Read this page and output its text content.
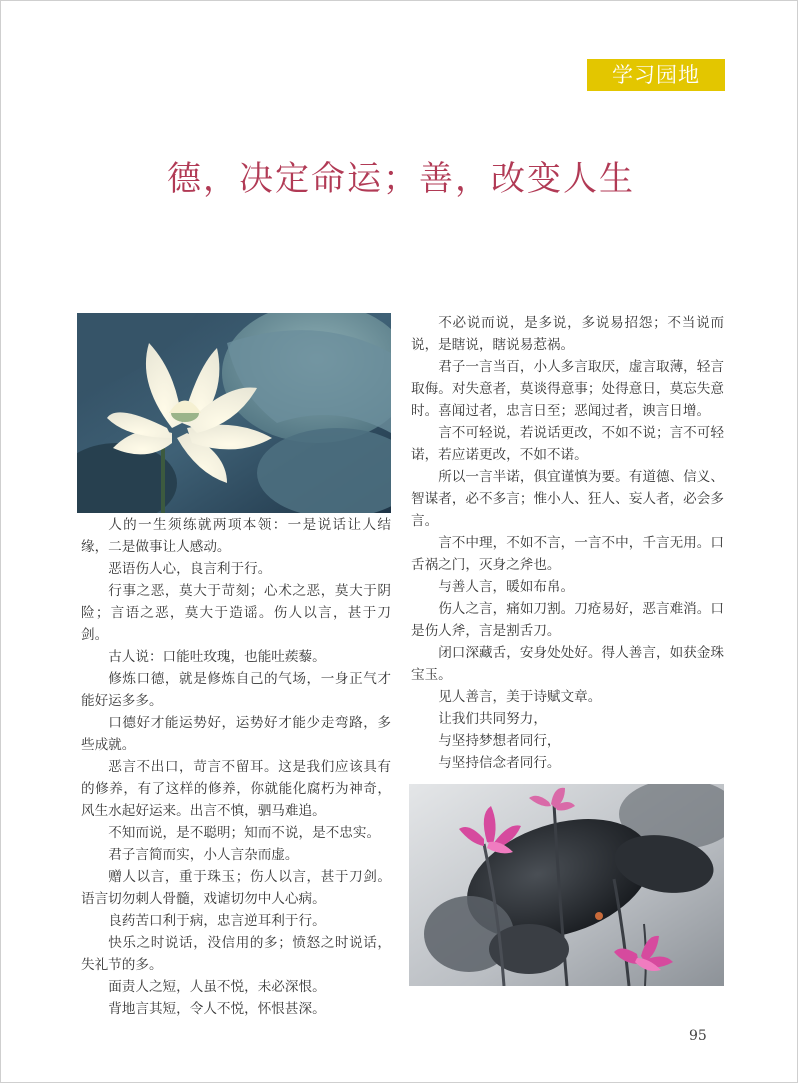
学习园地
德，决定命运；善，改变人生

人的一生须练就两项本领：一是说话让人结缘，二是做事让人感动。

恶语伤人心，良言利于行。

行事之恶，莫大于苛刻；心术之恶，莫大于阴险；言语之恶，莫大于造谣。伤人以言，甚于刀剑。

古人说：口能吐玫瑰，也能吐蒺藜。

修炼口德，就是修炼自己的气场，一身正气才能好运多多。

口德好才能运势好，运势好才能少走弯路，多些成就。

恶言不出口，苛言不留耳。这是我们应该具有的修养，有了这样的修养，你就能化腐朽为神奇，风生水起好运来。出言不慎，驷马难追。

不知而说，是不聪明；知而不说，是不忠实。

君子言简而实，小人言杂而虚。

赠人以言，重于珠玉；伤人以言，甚于刀剑。语言切勿刺人骨髓，戏谑切勿中人心病。

良药苦口利于病，忠言逆耳利于行。

快乐之时说话，没信用的多；愤怒之时说话，失礼节的多。

面责人之短，人虽不悦，未必深恨。

背地言其短，令人不悦，怀恨甚深。

不必说而说，是多说，多说易招怨；不当说而说，是瞎说，瞎说易惹祸。

君子一言当百，小人多言取厌，虚言取薄，轻言取侮。对失意者，莫谈得意事；处得意日，莫忘失意时。喜闻过者，忠言日至；恶闻过者，谀言日增。

言不可轻说，若说话更改，不如不说；言不可轻诺，若应诺更改，不如不诺。

所以一言半诺，俱宜谨慎为要。有道德、信义、智谋者，必不多言；惟小人、狂人、妄人者，必会多言。

言不中理，不如不言，一言不中，千言无用。口舌祸之门，灭身之斧也。

与善人言，暖如布帛。

伤人之言，痛如刀割。刀疮易好，恶言难消。口是伤人斧，言是割舌刀。

闭口深藏舌，安身处处好。得人善言，如获金珠宝玉。

见人善言，美于诗赋文章。

让我们共同努力，

与坚持梦想者同行，

与坚持信念者同行。

95
